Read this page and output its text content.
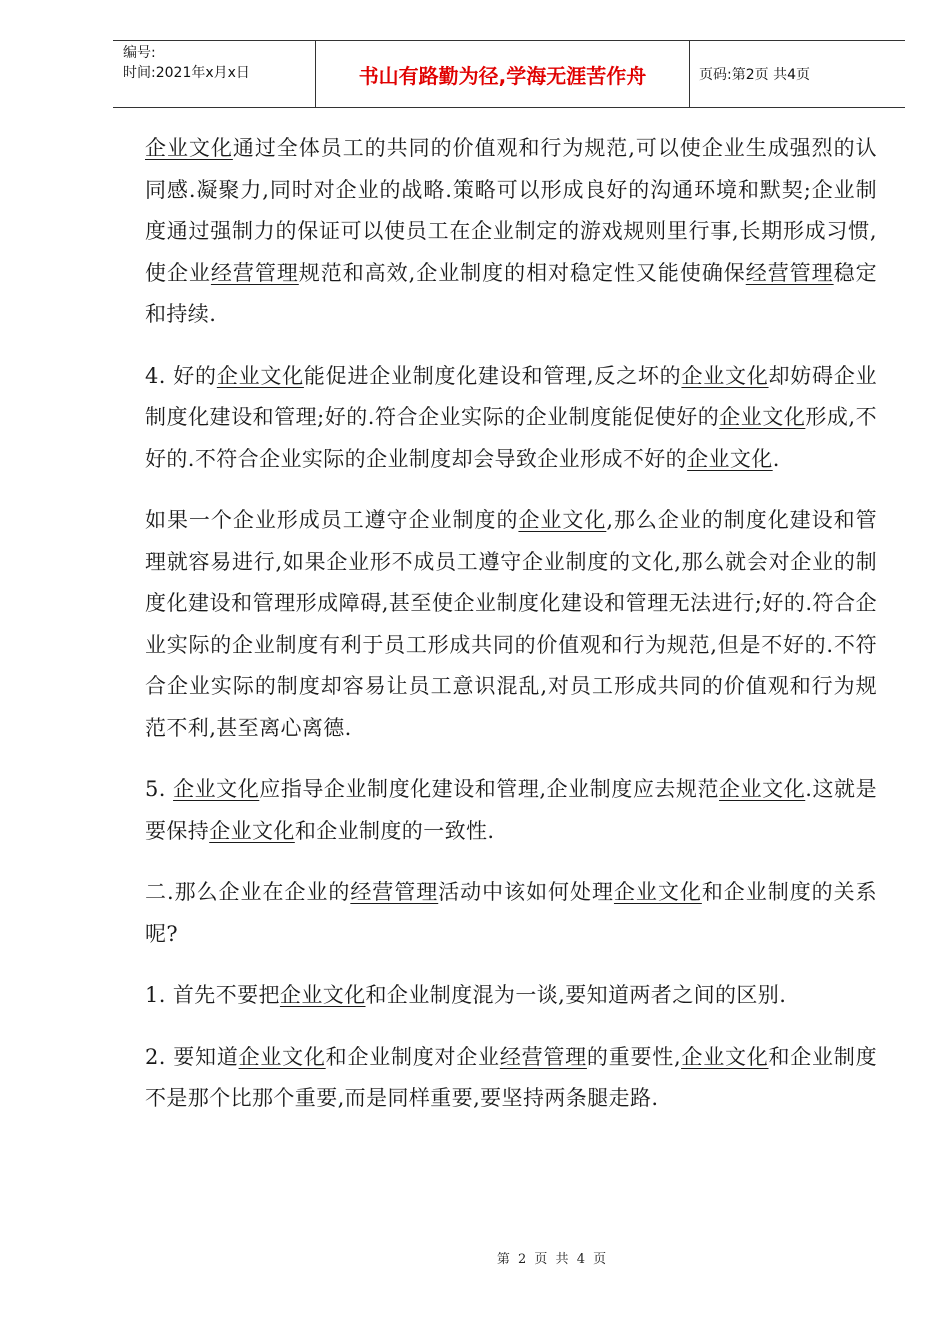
编号:
时间:2021年x月x日	书山有路勤为径,学海无涯苦作舟	页码:第2页 共4页

企业文化通过全体员工的共同的价值观和行为规范,可以使企业生成强烈的认同感.凝聚力,同时对企业的战略.策略可以形成良好的沟通环境和默契;企业制度通过强制力的保证可以使员工在企业制定的游戏规则里行事,长期形成习惯,使企业经营管理规范和高效,企业制度的相对稳定性又能使确保经营管理稳定和持续.

4. 好的企业文化能促进企业制度化建设和管理,反之坏的企业文化却妨碍企业制度化建设和管理;好的.符合企业实际的企业制度能促使好的企业文化形成,不好的.不符合企业实际的企业制度却会导致企业形成不好的企业文化.

如果一个企业形成员工遵守企业制度的企业文化,那么企业的制度化建设和管理就容易进行,如果企业形不成员工遵守企业制度的文化,那么就会对企业的制度化建设和管理形成障碍,甚至使企业制度化建设和管理无法进行;好的.符合企业实际的企业制度有利于员工形成共同的价值观和行为规范,但是不好的.不符合企业实际的制度却容易让员工意识混乱,对员工形成共同的价值观和行为规范不利,甚至离心离德.

5. 企业文化应指导企业制度化建设和管理,企业制度应去规范企业文化.这就是要保持企业文化和企业制度的一致性.

二.那么企业在企业的经营管理活动中该如何处理企业文化和企业制度的关系呢?

1. 首先不要把企业文化和企业制度混为一谈,要知道两者之间的区别.

2. 要知道企业文化和企业制度对企业经营管理的重要性,企业文化和企业制度不是那个比那个重要,而是同样重要,要坚持两条腿走路.

第 2 页 共 4 页
